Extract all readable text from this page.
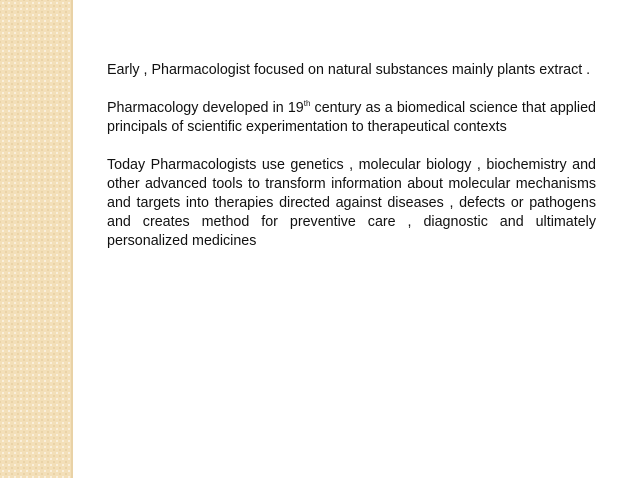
Early , Pharmacologist focused on natural substances mainly plants extract .

Pharmacology developed in 19th century as a biomedical science that applied principals of scientific experimentation to therapeutical contexts

Today Pharmacologists use genetics , molecular biology , biochemistry and other advanced tools to transform information about molecular mechanisms and targets into therapies directed against diseases , defects or pathogens and creates method for preventive care , diagnostic and ultimately personalized medicines
